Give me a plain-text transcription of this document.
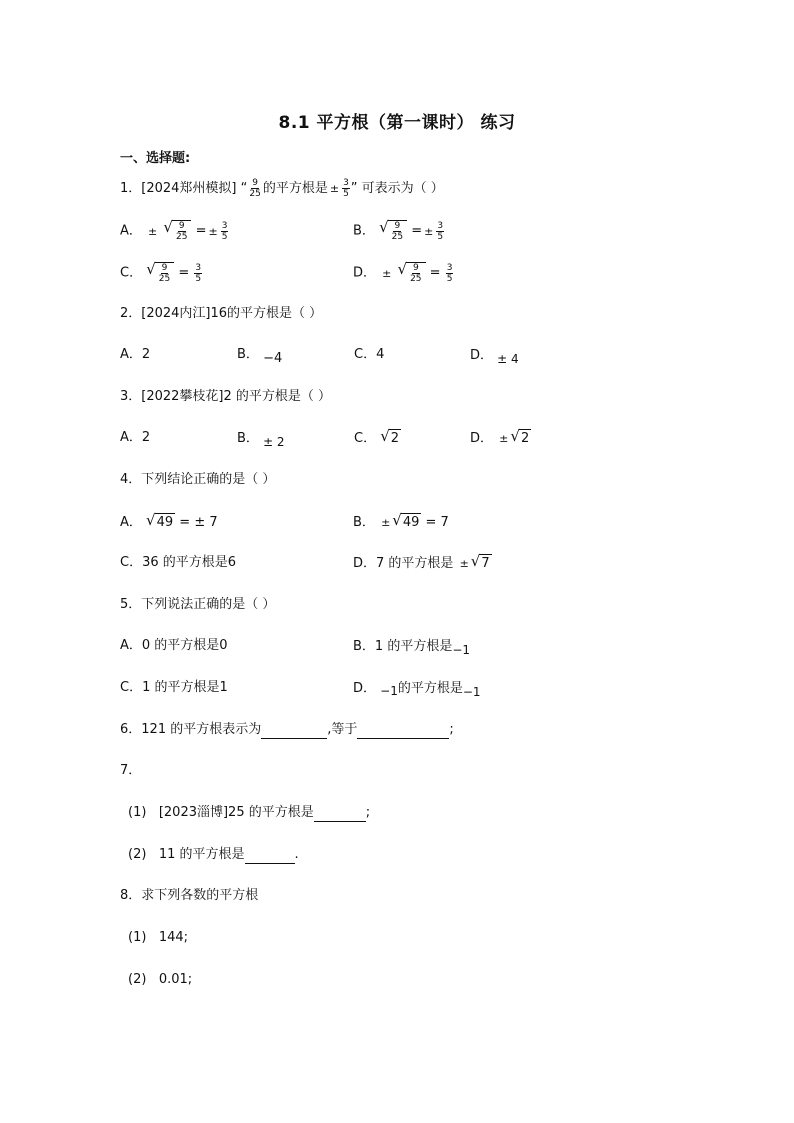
8.1 平方根（第一课时） 练习
一、选择题:
1．[2024郑州模拟] “ $\frac{9}{25}$ 的平方根是 ± $\frac{3}{5}$ ” 可表示为（ ）
A． ± √ $\frac{9}{25}$ = ± $\frac{3}{5}$	B． √ $\frac{9}{25}$ = ± $\frac{3}{5}$
C． √ $\frac{9}{25} = \frac{3}{5}$	D． ± √ $\frac{9}{25} = \frac{3}{5}$
2．[2024内江]16的平方根是（ ）
A．2	B． −4	C．4	D． ± 4
3．[2022攀枝花]2 的平方根是（ ）
A．2	B． ± 2	C． √ 2	D． ± √ 2
4．下列结论正确的是（ ）
A． √ 49 = ± 7	B． ± √ 49 = 7
C．36 的平方根是6	D．7 的平方根是 ± √ 7
5．下列说法正确的是（ ）
A．0 的平方根是0	B．1 的平方根是−1
C．1 的平方根是1	D． −1的平方根是−1
6．121 的平方根表示为	,等于	;
7．
(1) [2023淄博]25 的平方根是	;
(2) 11 的平方根是	.
8．求下列各数的平方根
(1) 144;
(2) 0.01;
